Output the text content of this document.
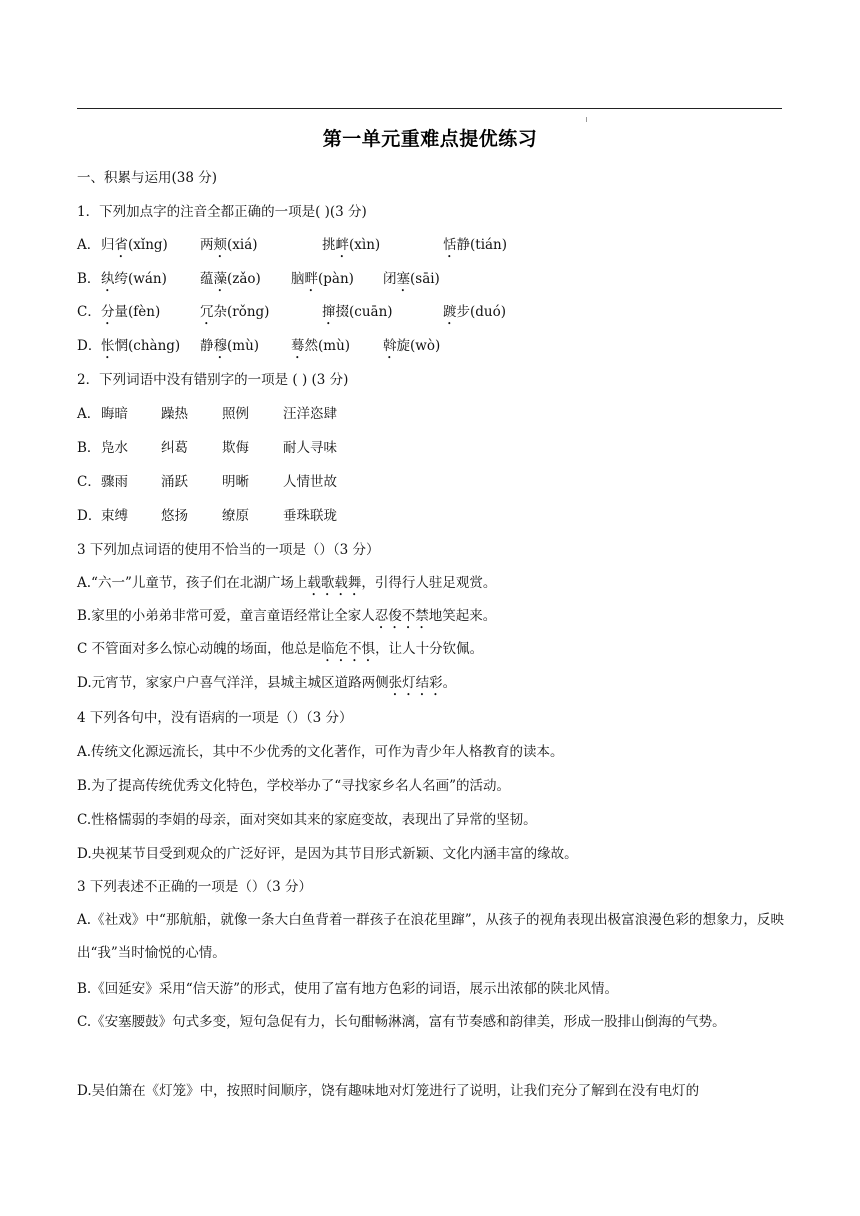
第一单元重难点提优练习
一、积累与运用(38 分)
1．下列加点字的注音全都正确的一项是( )(3 分)
A． 归省(xǐng) 两颊(xiá)	挑衅(xìn)	恬静(tián)
B． 纨绔(wán) 蕴藻(zǎo) 脑畔(pàn) 闭塞(sāi)
C． 分量(fèn)	冗杂(rǒng)	撺掇(cuān)	踱步(duó)
D． 怅惘(chàng) 静穆(mù) 蓦然(mù) 斡旋(wò)
2．下列词语中没有错别字的一项是 ( ) (3 分)
A． 晦暗 躁热	照例	汪洋恣肆
B． 凫水 纠葛	欺侮	耐人寻味
C． 骤雨 涌跃	明晰	人情世故
D． 束缚 悠扬	缭原	垂珠联珑
3 下列加点词语的使用不恰当的一项是（）（3 分）
A.“六一”儿童节，孩子们在北湖广场上载歌载舞，引得行人驻足观赏。
B.家里的小弟弟非常可爱，童言童语经常让全家人忍俊不禁地笑起来。
C 不管面对多么惊心动魄的场面，他总是临危不惧，让人十分钦佩。
D.元宵节，家家户户喜气洋洋，县城主城区道路两侧张灯结彩。
4 下列各句中，没有语病的一项是（）（3 分）
A.传统文化源远流长，其中不少优秀的文化著作，可作为青少年人格教育的读本。
B.为了提高传统优秀文化特色，学校举办了“寻找家乡名人名画”的活动。
C.性格懦弱的李娟的母亲，面对突如其来的家庭变故，表现出了异常的坚韧。
D.央视某节目受到观众的广泛好评，是因为其节目形式新颖、文化内涵丰富的缘故。
3 下列表述不正确的一项是（）（3 分）
A.《社戏》中“那航船，就像一条大白鱼背着一群孩子在浪花里蹿”，从孩子的视角表现出极富浪漫色彩的想象力，反映出“我”当时愉悦的心情。
B.《回延安》采用“信天游”的形式，使用了富有地方色彩的词语，展示出浓郁的陕北风情。
C.《安塞腰鼓》句式多变，短句急促有力，长句酣畅淋漓，富有节奏感和韵律美，形成一股排山倒海的气势。
D.吴伯箫在《灯笼》中，按照时间顺序，饶有趣味地对灯笼进行了说明，让我们充分了解到在没有电灯的
